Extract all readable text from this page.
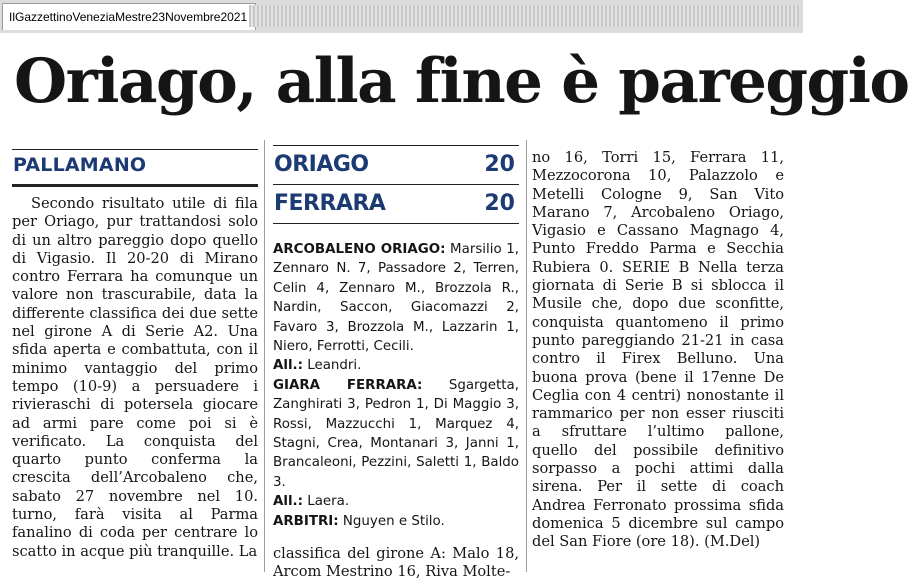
IlGazzettinoVeneziaMestre23Novembre2021
Oriago, alla fine è pareggio
PALLAMANO

Secondo risultato utile di fila per Oriago, pur trattandosi solo di un altro pareggio dopo quello di Vigasio. Il 20-20 di Mirano contro Ferrara ha comunque un valore non trascurabile, data la differente classifica dei due sette nel girone A di Serie A2. Una sfida aperta e combattuta, con il minimo vantaggio del primo tempo (10-9) a persuadere i rivieraschi di potersela giocare ad armi pare come poi si è verificato. La conquista del quarto punto conferma la crescita dell’Arcobaleno che, sabato 27 novembre nel 10. turno, farà visita al Parma fanalino di coda per centrare lo scatto in acque più tranquille. La

ORIAGO	20
FERRARA	20

ARCOBALENO ORIAGO: Marsilio 1, Zennaro N. 7, Passadore 2, Terren, Celin 4, Zennaro M., Brozzola R., Nardin, Saccon, Giacomazzi 2, Favaro 3, Brozzola M., Lazzarin 1, Niero, Ferrotti, Cecili.

All.: Leandri.

GIARA FERRARA: Sgargetta, Zanghirati 3, Pedron 1, Di Maggio 3, Rossi, Mazzucchi 1, Marquez 4, Stagni, Crea, Montanari 3, Janni 1, Brancaleoni, Pezzini, Saletti 1, Baldo 3.

All.: Laera.

ARBITRI: Nguyen e Stilo.

classifica del girone A: Malo 18, Arcom Mestrino 16, Riva Molte-

no 16, Torri 15, Ferrara 11, Mezzocorona 10, Palazzolo e Metelli Cologne 9, San Vito Marano 7, Arcobaleno Oriago, Vigasio e Cassano Magnago 4, Punto Freddo Parma e Secchia Rubiera 0. SERIE B Nella terza giornata di Serie B si sblocca il Musile che, dopo due sconfitte, conquista quantomeno il primo punto pareggiando 21-21 in casa contro il Firex Belluno. Una buona prova (bene il 17enne De Ceglia con 4 centri) nonostante il rammarico per non esser riusciti a sfruttare l’ultimo pallone, quello del possibile definitivo sorpasso a pochi attimi dalla sirena. Per il sette di coach Andrea Ferronato prossima sfida domenica 5 dicembre sul campo del San Fiore (ore 18). (M.Del)
